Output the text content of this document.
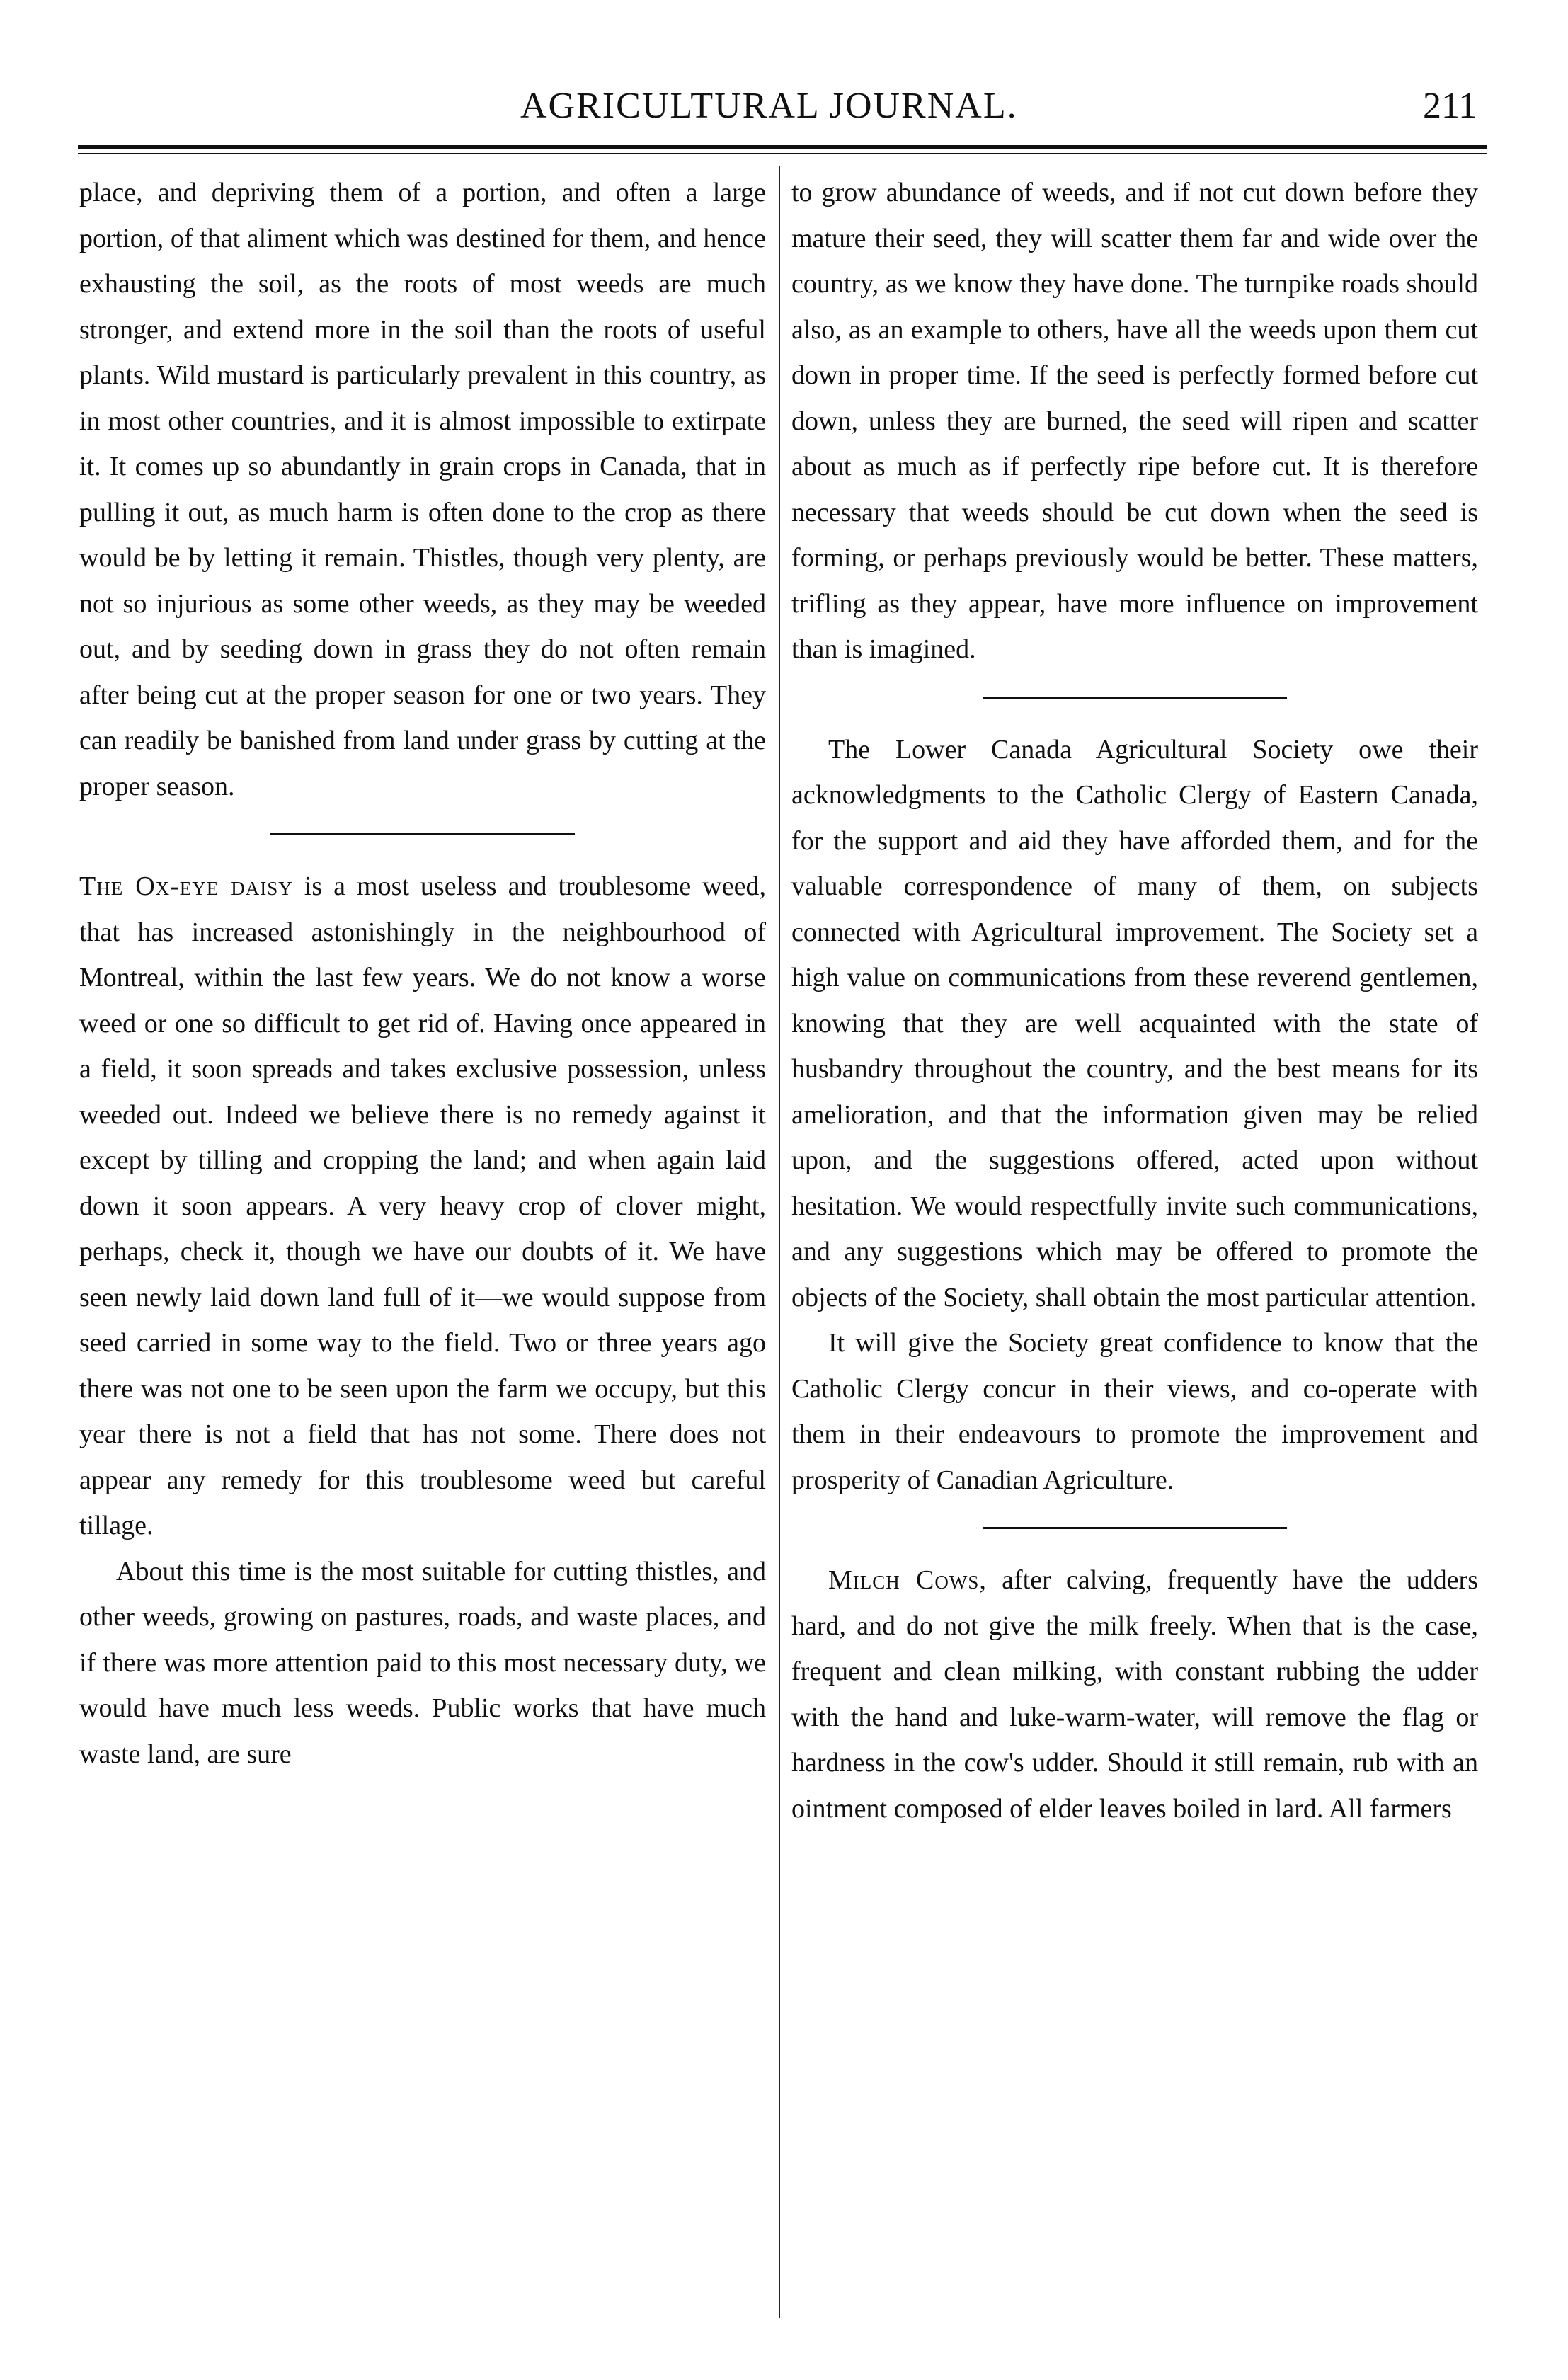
AGRICULTURAL JOURNAL.	211

place, and depriving them of a portion, and often a large portion, of that aliment which was destined for them, and hence exhausting the soil, as the roots of most weeds are much stronger, and extend more in the soil than the roots of useful plants. Wild mustard is particularly prevalent in this country, as in most other countries, and it is almost impossible to extirpate it. It comes up so abundantly in grain crops in Canada, that in pulling it out, as much harm is often done to the crop as there would be by letting it remain. Thistles, though very plenty, are not so injurious as some other weeds, as they may be weeded out, and by seeding down in grass they do not often remain after being cut at the proper season for one or two years. They can readily be banished from land under grass by cutting at the proper season.

The Ox-eye daisy is a most useless and troublesome weed, that has increased astonishingly in the neighbourhood of Montreal, within the last few years. We do not know a worse weed or one so difficult to get rid of. Having once appeared in a field, it soon spreads and takes exclusive possession, unless weeded out. Indeed we believe there is no remedy against it except by tilling and cropping the land; and when again laid down it soon appears. A very heavy crop of clover might, perhaps, check it, though we have our doubts of it. We have seen newly laid down land full of it—we would suppose from seed carried in some way to the field. Two or three years ago there was not one to be seen upon the farm we occupy, but this year there is not a field that has not some. There does not appear any remedy for this troublesome weed but careful tillage.

About this time is the most suitable for cutting thistles, and other weeds, growing on pastures, roads, and waste places, and if there was more attention paid to this most necessary duty, we would have much less weeds. Public works that have much waste land, are sure

to grow abundance of weeds, and if not cut down before they mature their seed, they will scatter them far and wide over the country, as we know they have done. The turnpike roads should also, as an example to others, have all the weeds upon them cut down in proper time. If the seed is perfectly formed before cut down, unless they are burned, the seed will ripen and scatter about as much as if perfectly ripe before cut. It is therefore necessary that weeds should be cut down when the seed is forming, or perhaps previously would be better. These matters, trifling as they appear, have more influence on improvement than is imagined.

The Lower Canada Agricultural Society owe their acknowledgments to the Catholic Clergy of Eastern Canada, for the support and aid they have afforded them, and for the valuable correspondence of many of them, on subjects connected with Agricultural improvement. The Society set a high value on communications from these reverend gentlemen, knowing that they are well acquainted with the state of husbandry throughout the country, and the best means for its amelioration, and that the information given may be relied upon, and the suggestions offered, acted upon without hesitation. We would respectfully invite such communications, and any suggestions which may be offered to promote the objects of the Society, shall obtain the most particular attention.

It will give the Society great confidence to know that the Catholic Clergy concur in their views, and co-operate with them in their endeavours to promote the improvement and prosperity of Canadian Agriculture.

Milch Cows, after calving, frequently have the udders hard, and do not give the milk freely. When that is the case, frequent and clean milking, with constant rubbing the udder with the hand and luke-warm-water, will remove the flag or hardness in the cow's udder. Should it still remain, rub with an ointment composed of elder leaves boiled in lard. All farmers
